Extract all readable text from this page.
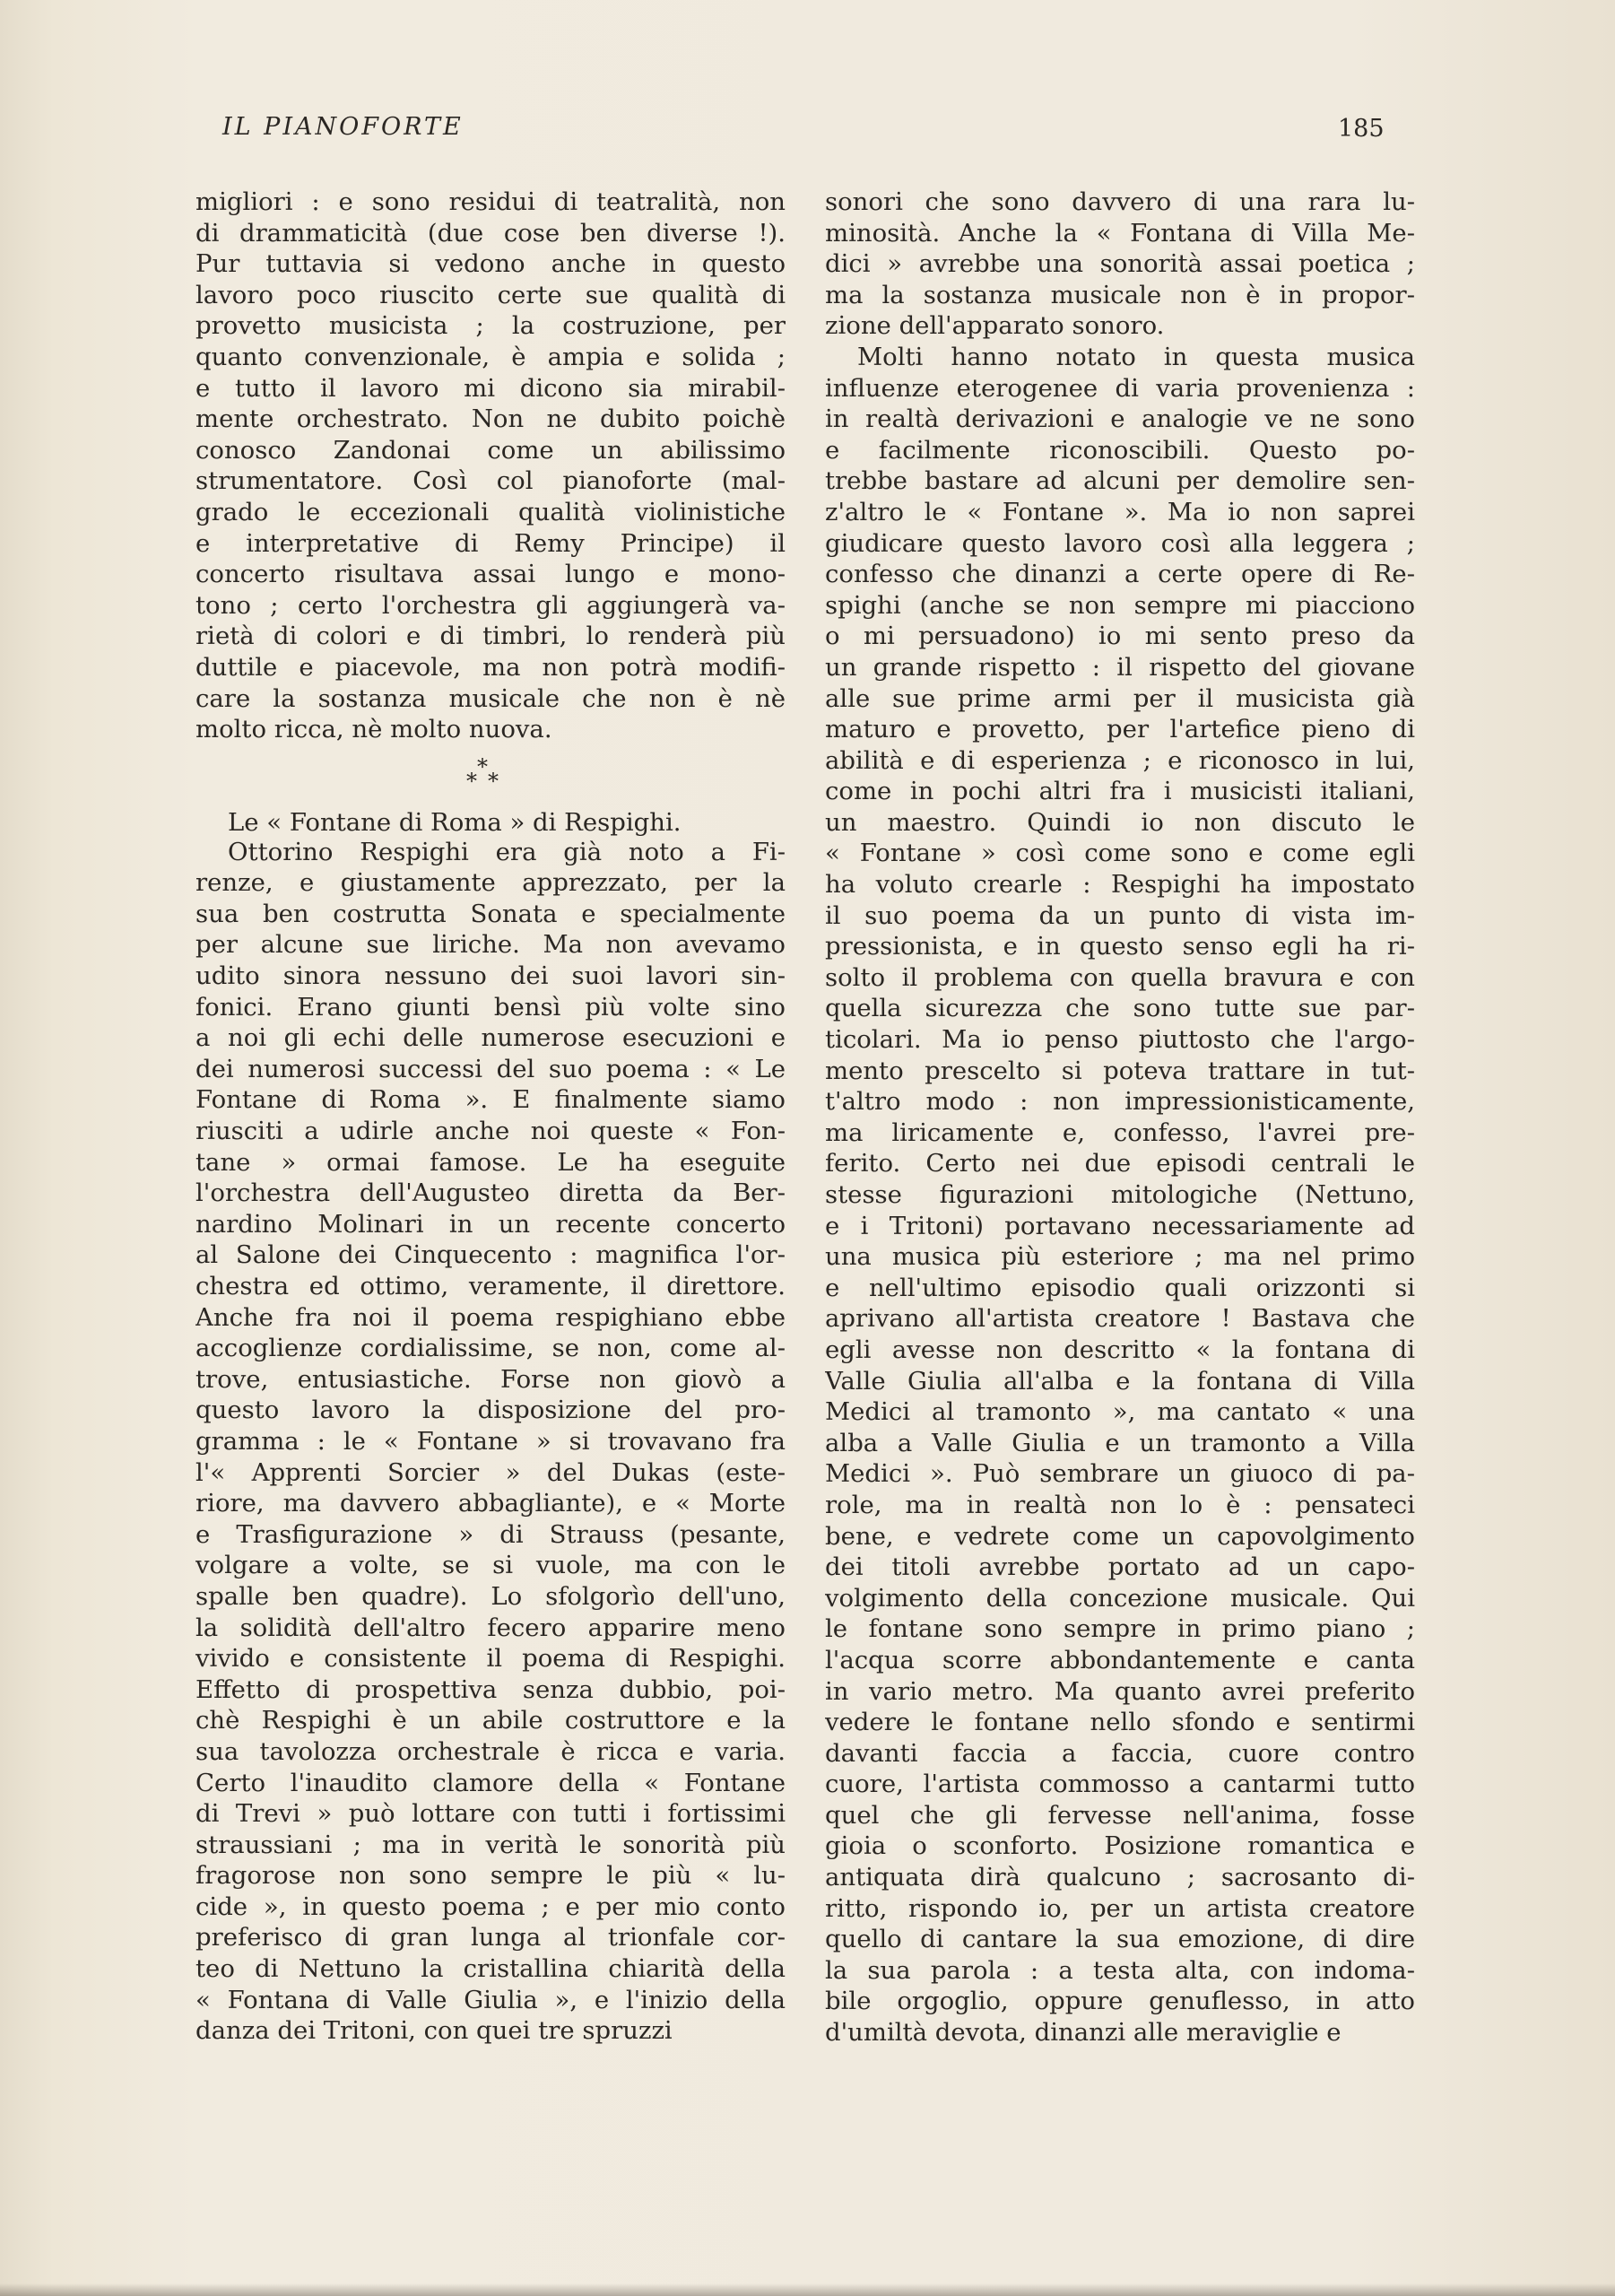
IL PIANOFORTE	185
migliori : e sono residui di teatralità, non
di drammaticità (due cose ben diverse !).
Pur tuttavia si vedono anche in questo
lavoro poco riuscito certe sue qualità di
provetto musicista ; la costruzione, per
quanto convenzionale, è ampia e solida ;
e tutto il lavoro mi dicono sia mirabil-
mente orchestrato. Non ne dubito poichè
conosco Zandonai come un abilissimo
strumentatore. Così col pianoforte (mal-
grado le eccezionali qualità violinistiche
e interpretative di Remy Principe) il
concerto risultava assai lungo e mono-
tono ; certo l'orchestra gli aggiungerà va-
rietà di colori e di timbri, lo renderà più
duttile e piacevole, ma non potrà modifi-
care la sostanza musicale che non è nè
molto ricca, nè molto nuova.
*
* *
Le « Fontane di Roma » di Respighi.
Ottorino Respighi era già noto a Fi-
renze, e giustamente apprezzato, per la
sua ben costrutta Sonata e specialmente
per alcune sue liriche. Ma non avevamo
udito sinora nessuno dei suoi lavori sin-
fonici. Erano giunti bensì più volte sino
a noi gli echi delle numerose esecuzioni e
dei numerosi successi del suo poema : « Le
Fontane di Roma ». E finalmente siamo
riusciti a udirle anche noi queste « Fon-
tane » ormai famose. Le ha eseguite
l'orchestra dell'Augusteo diretta da Ber-
nardino Molinari in un recente concerto
al Salone dei Cinquecento : magnifica l'or-
chestra ed ottimo, veramente, il direttore.
Anche fra noi il poema respighiano ebbe
accoglienze cordialissime, se non, come al-
trove, entusiastiche. Forse non giovò a
questo lavoro la disposizione del pro-
gramma : le « Fontane » si trovavano fra
l'« Apprenti Sorcier » del Dukas (este-
riore, ma davvero abbagliante), e « Morte
e Trasfigurazione » di Strauss (pesante,
volgare a volte, se si vuole, ma con le
spalle ben quadre). Lo sfolgorìo dell'uno,
la solidità dell'altro fecero apparire meno
vivido e consistente il poema di Respighi.
Effetto di prospettiva senza dubbio, poi-
chè Respighi è un abile costruttore e la
sua tavolozza orchestrale è ricca e varia.
Certo l'inaudito clamore della « Fontane
di Trevi » può lottare con tutti i fortissimi
straussiani ; ma in verità le sonorità più
fragorose non sono sempre le più « lu-
cide », in questo poema ; e per mio conto
preferisco di gran lunga al trionfale cor-
teo di Nettuno la cristallina chiarità della
« Fontana di Valle Giulia », e l'inizio della
danza dei Tritoni, con quei tre spruzzi
sonori che sono davvero di una rara lu-
minosità. Anche la « Fontana di Villa Me-
dici » avrebbe una sonorità assai poetica ;
ma la sostanza musicale non è in propor-
zione dell'apparato sonoro.
Molti hanno notato in questa musica
influenze eterogenee di varia provenienza :
in realtà derivazioni e analogie ve ne sono
e facilmente riconoscibili. Questo po-
trebbe bastare ad alcuni per demolire sen-
z'altro le « Fontane ». Ma io non saprei
giudicare questo lavoro così alla leggera ;
confesso che dinanzi a certe opere di Re-
spighi (anche se non sempre mi piacciono
o mi persuadono) io mi sento preso da
un grande rispetto : il rispetto del giovane
alle sue prime armi per il musicista già
maturo e provetto, per l'artefice pieno di
abilità e di esperienza ; e riconosco in lui,
come in pochi altri fra i musicisti italiani,
un maestro. Quindi io non discuto le
« Fontane » così come sono e come egli
ha voluto crearle : Respighi ha impostato
il suo poema da un punto di vista im-
pressionista, e in questo senso egli ha ri-
solto il problema con quella bravura e con
quella sicurezza che sono tutte sue par-
ticolari. Ma io penso piuttosto che l'argo-
mento prescelto si poteva trattare in tut-
t'altro modo : non impressionisticamente,
ma liricamente e, confesso, l'avrei pre-
ferito. Certo nei due episodi centrali le
stesse figurazioni mitologiche (Nettuno,
e i Tritoni) portavano necessariamente ad
una musica più esteriore ; ma nel primo
e nell'ultimo episodio quali orizzonti si
aprivano all'artista creatore ! Bastava che
egli avesse non descritto « la fontana di
Valle Giulia all'alba e la fontana di Villa
Medici al tramonto », ma cantato « una
alba a Valle Giulia e un tramonto a Villa
Medici ». Può sembrare un giuoco di pa-
role, ma in realtà non lo è : pensateci
bene, e vedrete come un capovolgimento
dei titoli avrebbe portato ad un capo-
volgimento della concezione musicale. Qui
le fontane sono sempre in primo piano ;
l'acqua scorre abbondantemente e canta
in vario metro. Ma quanto avrei preferito
vedere le fontane nello sfondo e sentirmi
davanti faccia a faccia, cuore contro
cuore, l'artista commosso a cantarmi tutto
quel che gli fervesse nell'anima, fosse
gioia o sconforto. Posizione romantica e
antiquata dirà qualcuno ; sacrosanto di-
ritto, rispondo io, per un artista creatore
quello di cantare la sua emozione, di dire
la sua parola : a testa alta, con indoma-
bile orgoglio, oppure genuflesso, in atto
d'umiltà devota, dinanzi alle meraviglie e
